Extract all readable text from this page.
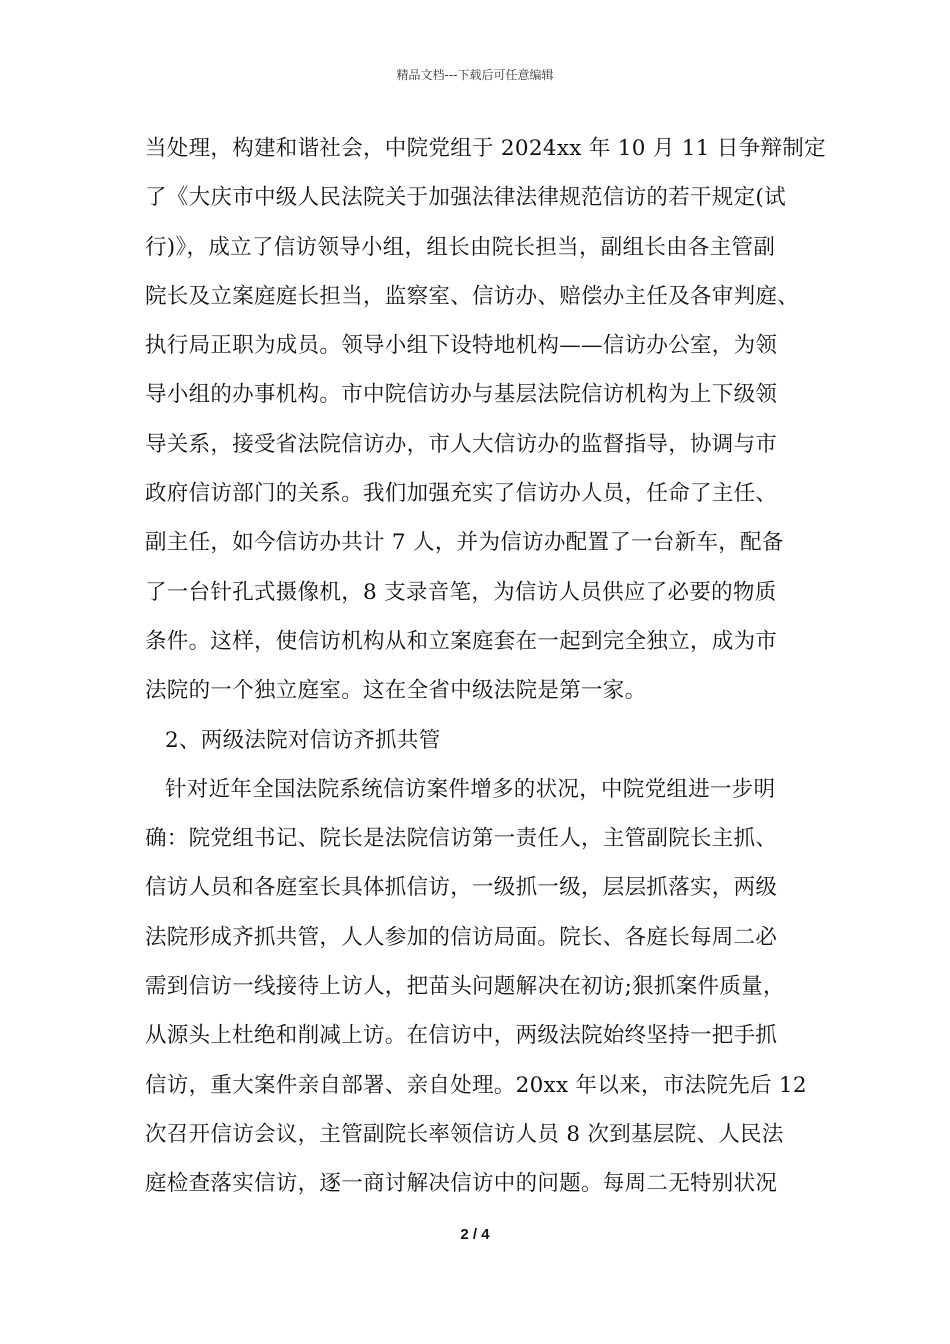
精品文档---下载后可任意编辑
当处理，构建和谐社会，中院党组于 2024xx 年 10 月 11 日争辩制定
了《大庆市中级人民法院关于加强法律法律规范信访的若干规定(试
行)》，成立了信访领导小组，组长由院长担当，副组长由各主管副
院长及立案庭庭长担当，监察室、信访办、赔偿办主任及各审判庭、
执行局正职为成员。领导小组下设特地机构——信访办公室，为领
导小组的办事机构。市中院信访办与基层法院信访机构为上下级领
导关系，接受省法院信访办，市人大信访办的监督指导，协调与市
政府信访部门的关系。我们加强充实了信访办人员，任命了主任、
副主任，如今信访办共计 7 人，并为信访办配置了一台新车，配备
了一台针孔式摄像机，8 支录音笔，为信访人员供应了必要的物质
条件。这样，使信访机构从和立案庭套在一起到完全独立，成为市
法院的一个独立庭室。这在全省中级法院是第一家。
2、两级法院对信访齐抓共管
针对近年全国法院系统信访案件增多的状况，中院党组进一步明
确：院党组书记、院长是法院信访第一责任人，主管副院长主抓、
信访人员和各庭室长具体抓信访，一级抓一级，层层抓落实，两级
法院形成齐抓共管，人人参加的信访局面。院长、各庭长每周二必
需到信访一线接待上访人，把苗头问题解决在初访;狠抓案件质量，
从源头上杜绝和削减上访。在信访中，两级法院始终坚持一把手抓
信访，重大案件亲自部署、亲自处理。20xx 年以来，市法院先后 12
次召开信访会议，主管副院长率领信访人员 8 次到基层院、人民法
庭检查落实信访，逐一商讨解决信访中的问题。每周二无特别状况
2 / 4
